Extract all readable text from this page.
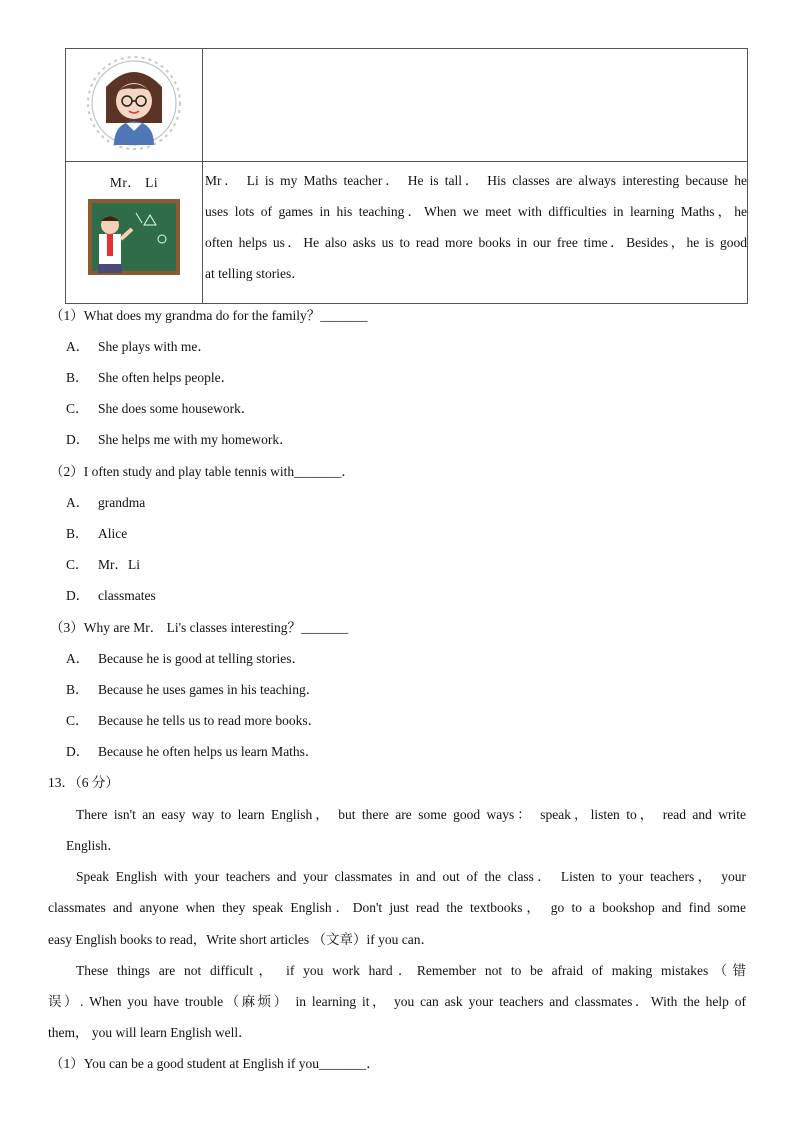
Mr． Li	Mr． Li is my Maths teacher． He is tall． His classes are always interesting because he
uses lots of games in his teaching．When we meet with difficulties in learning Maths，he
often helps us．He also asks us to read more books in our free time．Besides，he is good
at telling stories．
（1）What does my grandma do for the family？_______
A． She plays with me．
B． She often helps people．
C． She does some housework．
D． She helps me with my homework．
（2）I often study and play table tennis with_______．
A． grandma
B． Alice
C． Mr．Li
D． classmates
（3）Why are Mr． Li's classes interesting？_______
A． Because he is good at telling stories．
B． Because he uses games in his teaching．
C． Because he tells us to read more books．
D． Because he often helps us learn Maths．
13．（6 分）
There isn't an easy way to learn English， but there are some good ways： speak，listen to， read and write
English．
Speak English with your teachers and your classmates in and out of the class． Listen to your teachers， your
classmates and anyone when they speak English．Don't just read the textbooks， go to a bookshop and find some
easy English books to read，Write short articles （文章）if you can．
These things are not difficult， if you work hard．Remember not to be afraid of making mistakes（错
误）. When you have trouble（麻烦） in learning it， you can ask your teachers and classmates．With the help of
them， you will learn English well．
（1）You can be a good student at English if you_______．
